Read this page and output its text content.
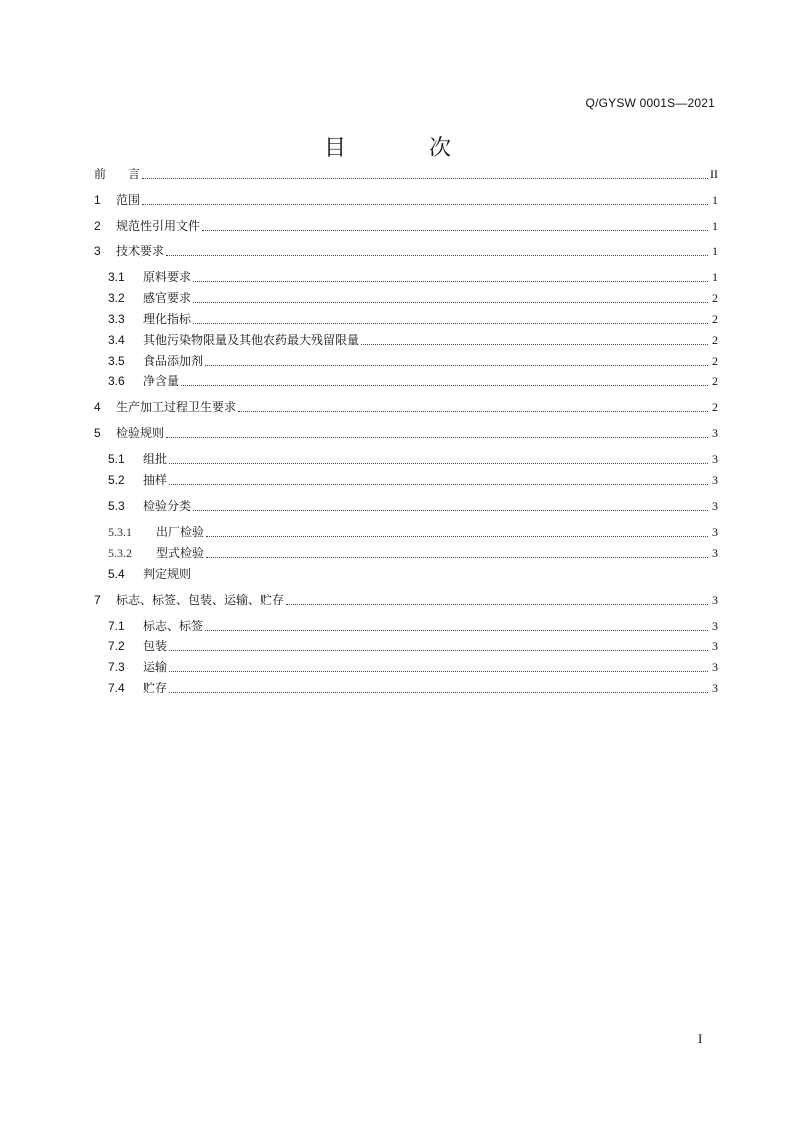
Q/GYSW 0001S—2021
目 次
前 言	II
1	范围	1
2	规范性引用文件	1
3	技术要求	1
3.1	原料要求	1
3.2	感官要求	2
3.3	理化指标	2
3.4	其他污染物限量及其他农药最大残留限量	2
3.5	食品添加剂	2
3.6	净含量	2
4	生产加工过程卫生要求	2
5	检验规则	3
5.1	组批	3
5.2	抽样	3
5.3	检验分类	3
5.3.1	出厂检验	3
5.3.2	型式检验	3
5.4	判定规则
7	标志、标签、包装、运输、贮存	3
7.1	标志、标签	3
7.2	包装	3
7.3	运输	3
7.4	贮存	3
I
